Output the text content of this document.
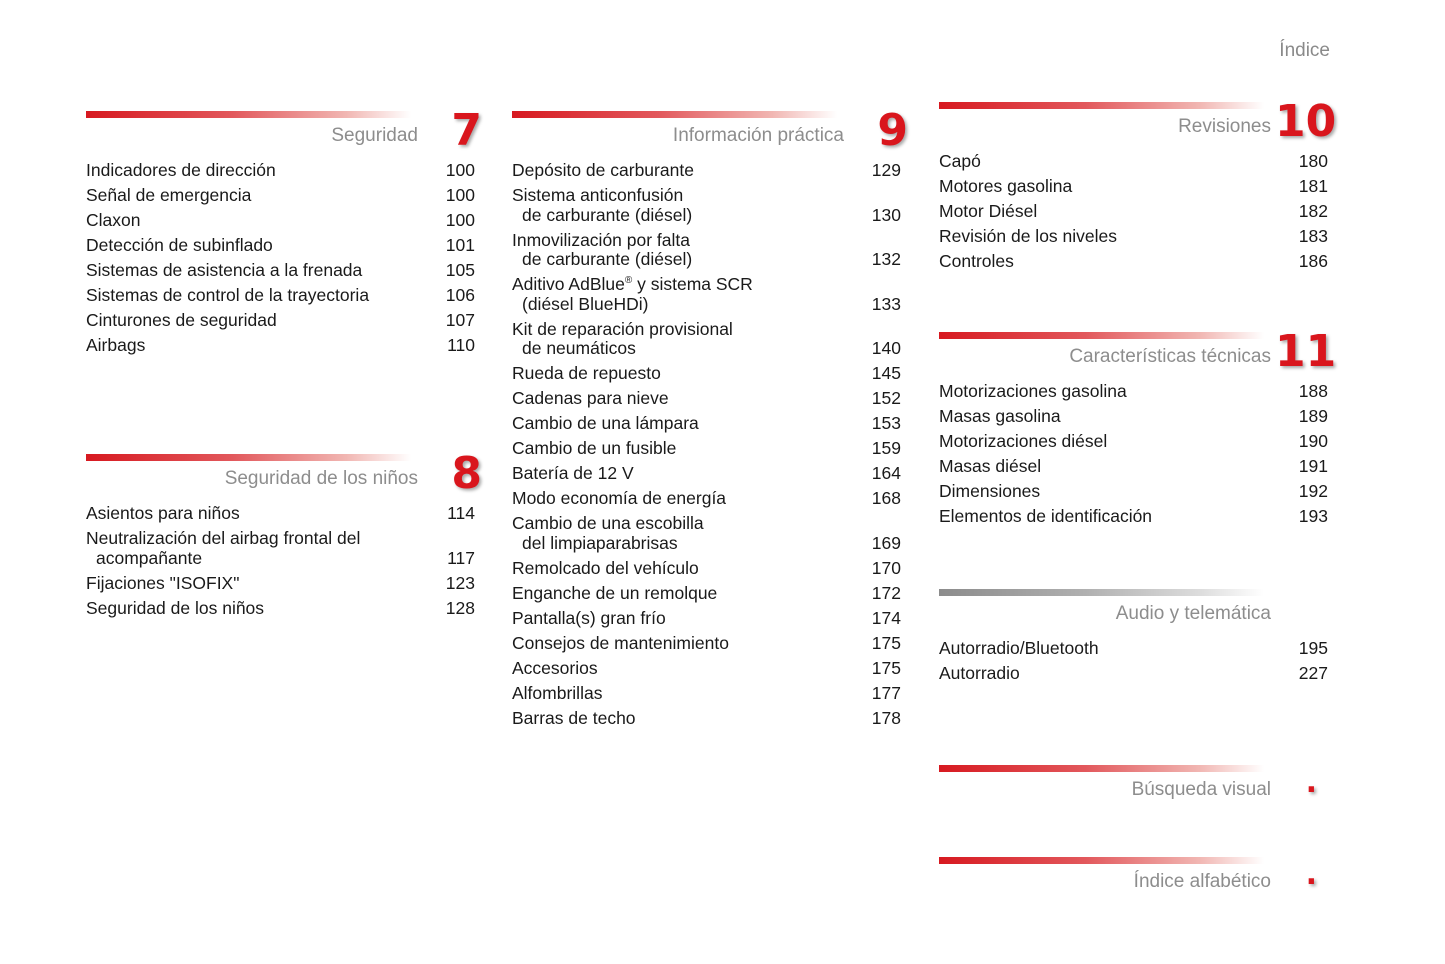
Índice
Seguridad 7
Indicadores de dirección	100
Señal de emergencia	100
Claxon	100
Detección de subinflado	101
Sistemas de asistencia a la frenada	105
Sistemas de control de la trayectoria	106
Cinturones de seguridad	107
Airbags	110
Seguridad de los niños 8
Asientos para niños	114
Neutralización del airbag frontal del
acompañante	117
Fijaciones "ISOFIX"	123
Seguridad de los niños	128
Información práctica 9
Depósito de carburante	129
Sistema anticonfusión
de carburante (diésel)	130
Inmovilización por falta
de carburante (diésel)	132
Aditivo AdBlue® y sistema SCR
(diésel BlueHDi)	133
Kit de reparación provisional
de neumáticos	140
Rueda de repuesto	145
Cadenas para nieve	152
Cambio de una lámpara	153
Cambio de un fusible	159
Batería de 12 V	164
Modo economía de energía	168
Cambio de una escobilla
del limpiaparabrisas	169
Remolcado del vehículo	170
Enganche de un remolque	172
Pantalla(s) gran frío	174
Consejos de mantenimiento	175
Accesorios	175
Alfombrillas	177
Barras de techo	178
Revisiones 10
Capó	180
Motores gasolina	181
Motor Diésel	182
Revisión de los niveles	183
Controles	186
Características técnicas 11
Motorizaciones gasolina	188
Masas gasolina	189
Motorizaciones diésel	190
Masas diésel	191
Dimensiones	192
Elementos de identificación	193
Audio y telemática
Autorradio/Bluetooth	195
Autorradio	227
Búsqueda visual	.
Índice alfabético	.
